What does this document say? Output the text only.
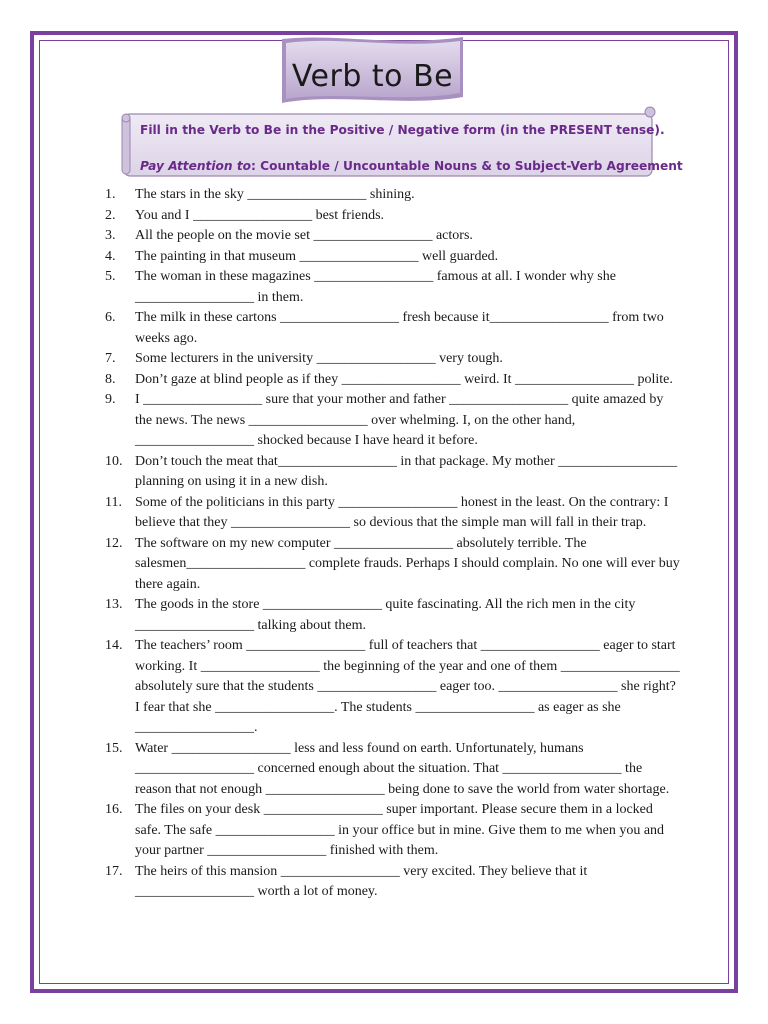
Verb to Be
Fill in the Verb to Be in the Positive / Negative form (in the PRESENT tense).
Pay Attention to: Countable / Uncountable Nouns & to Subject-Verb Agreement
1.	The stars in the sky _________________ shining.
2.	You and I _________________ best friends.
3.	All the people on the movie set _________________ actors.
4.	The painting in that museum _________________ well guarded.
5.	The woman in these magazines _________________ famous at all. I wonder why she _________________ in them.
6.	The milk in these cartons _________________ fresh because it_________________ from two weeks ago.
7.	Some lecturers in the university _________________ very tough.
8.	Don’t gaze at blind people as if they _________________ weird. It _________________ polite.
9.	I _________________ sure that your mother and father _________________ quite amazed by the news. The news _________________ over whelming. I, on the other hand, _________________ shocked because I have heard it before.
10. Don’t touch the meat that_________________ in that package. My mother _________________ planning on using it in a new dish.
11. Some of the politicians in this party _________________ honest in the least. On the contrary: I believe that they _________________ so devious that the simple man will fall in their trap.
12. The software on my new computer _________________ absolutely terrible. The salesmen_________________ complete frauds. Perhaps I should complain. No one will ever buy there again.
13. The goods in the store _________________ quite fascinating. All the rich men in the city _________________ talking about them.
14. The teachers’ room _________________ full of teachers that _________________ eager to start working. It _________________ the beginning of the year and one of them _________________ absolutely sure that the students _________________ eager too. _________________ she right? I fear that she _________________. The students _________________ as eager as she _________________.
15. Water _________________ less and less found on earth. Unfortunately, humans _________________ concerned enough about the situation. That _________________ the reason that not enough _________________ being done to save the world from water shortage.
16. The files on your desk _________________ super important. Please secure them in a locked safe. The safe _________________ in your office but in mine. Give them to me when you and your partner _________________ finished with them.
17. The heirs of this mansion _________________ very excited. They believe that it _________________ worth a lot of money.
